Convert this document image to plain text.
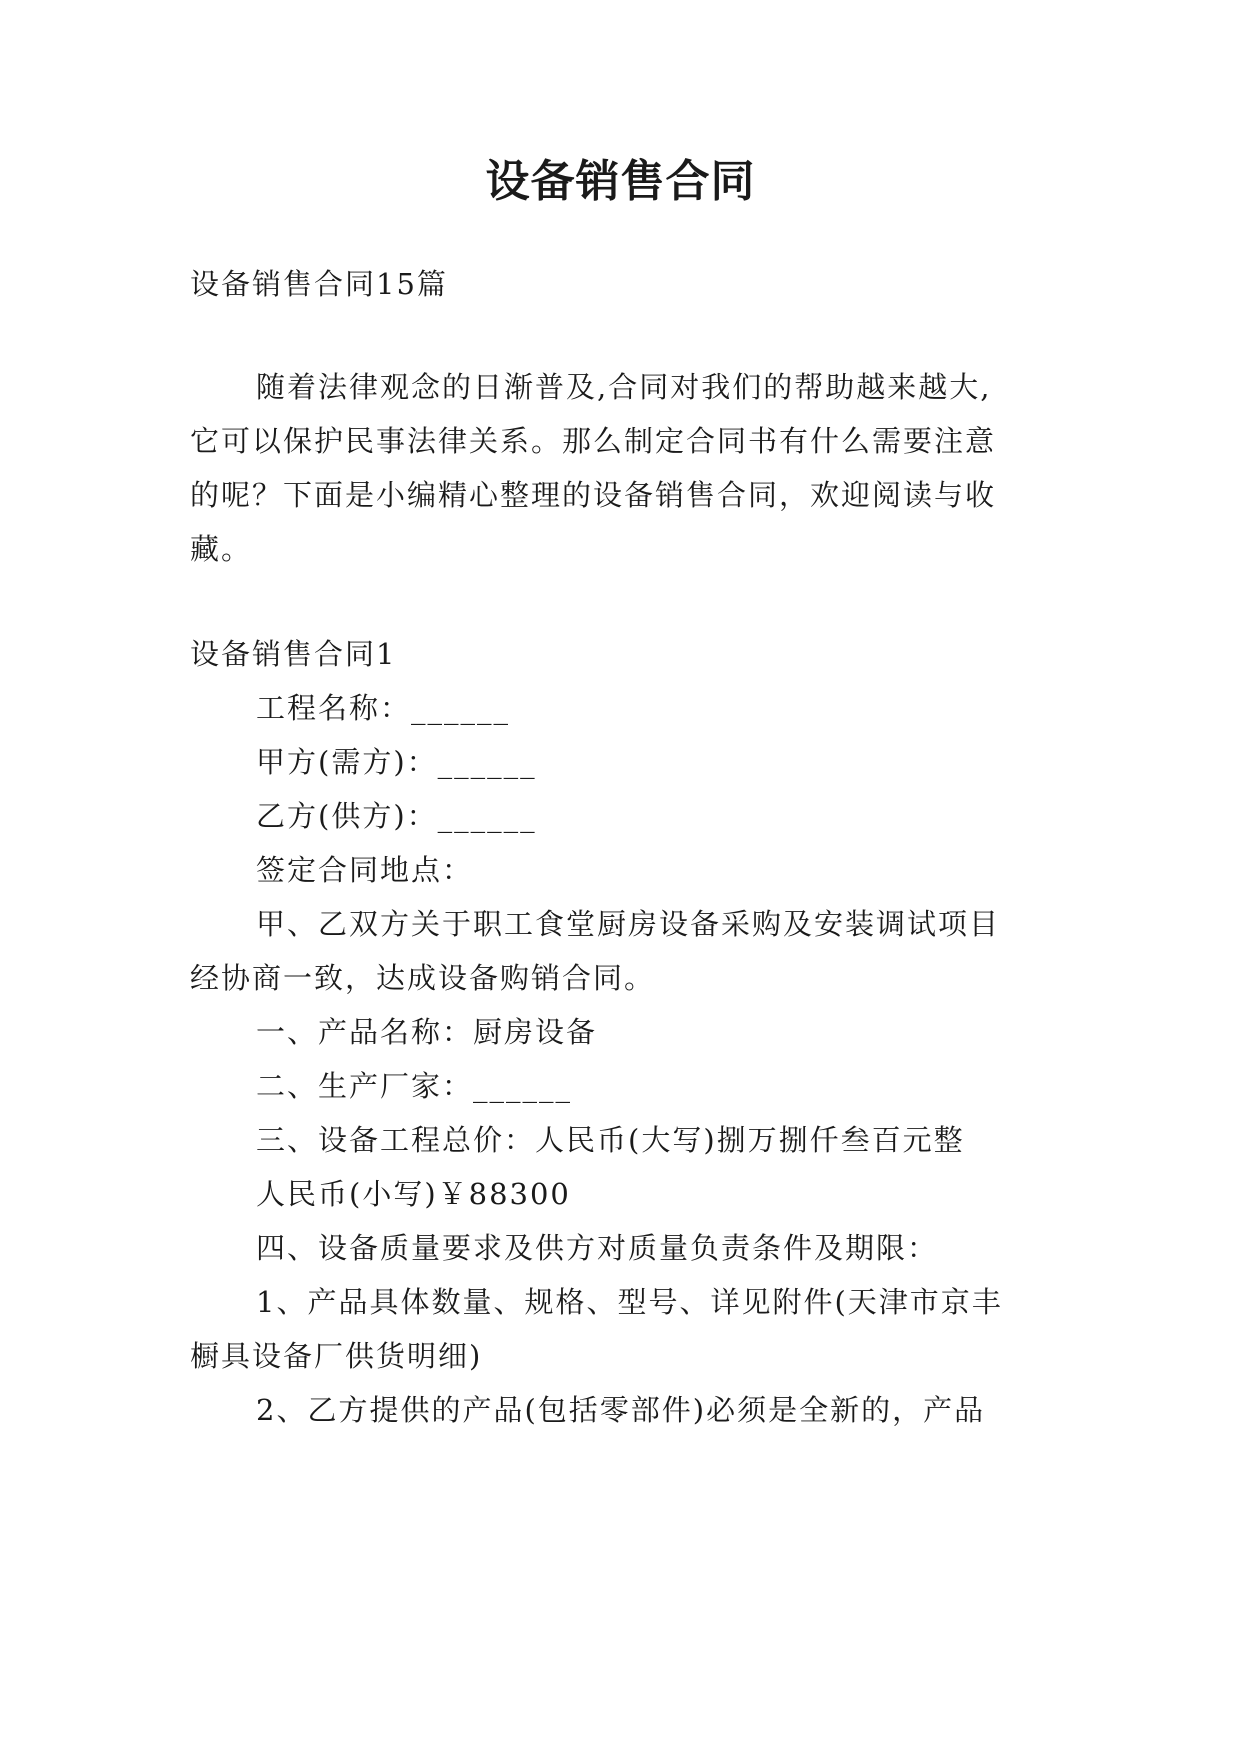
设备销售合同
设备销售合同15篇
随着法律观念的日渐普及,合同对我们的帮助越来越大,
它可以保护民事法律关系。那么制定合同书有什么需要注意
的呢？下面是小编精心整理的设备销售合同，欢迎阅读与收
藏。
设备销售合同1
工程名称：______
甲方(需方)：______
乙方(供方)：______
签定合同地点：
甲、乙双方关于职工食堂厨房设备采购及安装调试项目
经协商一致，达成设备购销合同。
一、产品名称：厨房设备
二、生产厂家：______
三、设备工程总价：人民币(大写)捌万捌仟叁百元整
人民币(小写)￥88300
四、设备质量要求及供方对质量负责条件及期限：
1、产品具体数量、规格、型号、详见附件(天津市京丰
橱具设备厂供货明细)
2、乙方提供的产品(包括零部件)必须是全新的，产品
